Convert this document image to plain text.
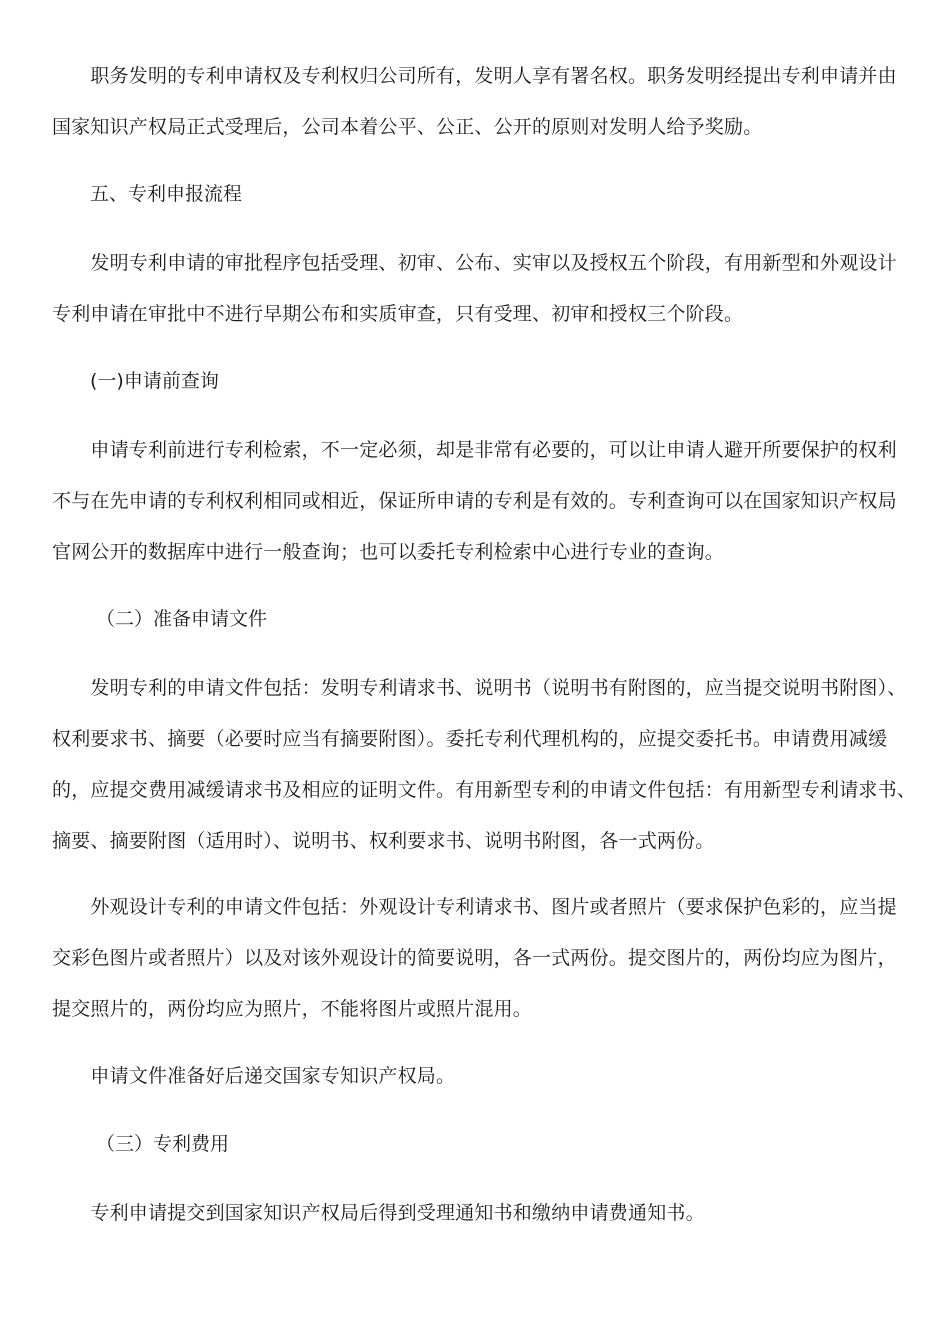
　　职务发明的专利申请权及专利权归公司所有，发明人享有署名权。职务发明经提出专利申请并由
国家知识产权局正式受理后，公司本着公平、公正、公开的原则对发明人给予奖励。

五、专利申报流程

　　发明专利申请的审批程序包括受理、初审、公布、实审以及授权五个阶段，有用新型和外观设计
专利申请在审批中不进行早期公布和实质审查，只有受理、初审和授权三个阶段。

(一)申请前查询

　　申请专利前进行专利检索，不一定必须，却是非常有必要的，可以让申请人避开所要保护的权利
不与在先申请的专利权利相同或相近，保证所申请的专利是有效的。专利查询可以在国家知识产权局
官网公开的数据库中进行一般查询；也可以委托专利检索中心进行专业的查询。

（二）准备申请文件

　　发明专利的申请文件包括：发明专利请求书、说明书（说明书有附图的，应当提交说明书附图）、
权利要求书、摘要（必要时应当有摘要附图）。委托专利代理机构的，应提交委托书。申请费用减缓
的，应提交费用减缓请求书及相应的证明文件。有用新型专利的申请文件包括：有用新型专利请求书、
摘要、摘要附图（适用时）、说明书、权利要求书、说明书附图，各一式两份。

　　外观设计专利的申请文件包括：外观设计专利请求书、图片或者照片（要求保护色彩的，应当提
交彩色图片或者照片）以及对该外观设计的简要说明，各一式两份。提交图片的，两份均应为图片，
提交照片的，两份均应为照片，不能将图片或照片混用。

　　申请文件准备好后递交国家专知识产权局。

（三）专利费用

　　专利申请提交到国家知识产权局后得到受理通知书和缴纳申请费通知书。
